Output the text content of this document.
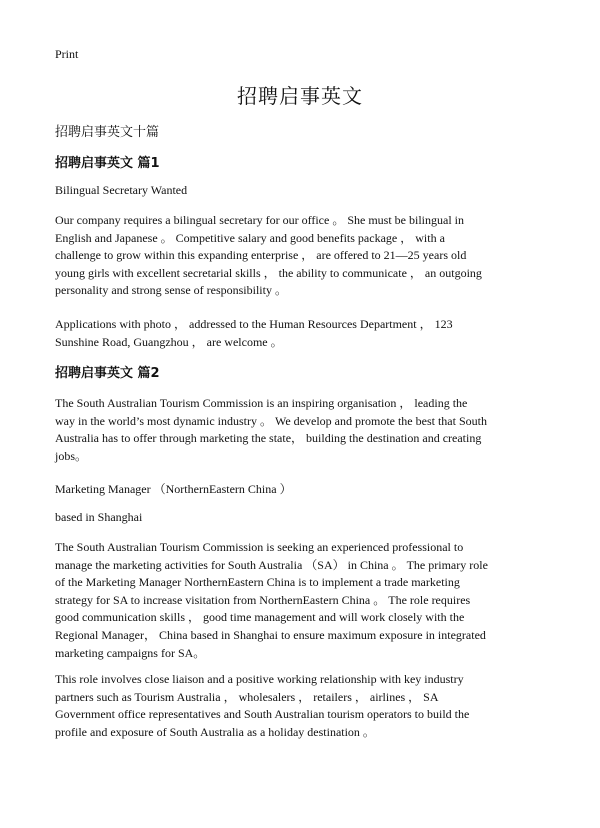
Print
招聘启事英文
招聘启事英文十篇
招聘启事英文 篇1
Bilingual Secretary Wanted
Our company requires a bilingual secretary for our office 。 She must be bilingual in
English and Japanese 。 Competitive salary and good benefits package ， with a
challenge to grow within this expanding enterprise ， are offered to 21—25 years old
young girls with excellent secretarial skills ， the ability to communicate ， an outgoing
personality and strong sense of responsibility 。
Applications with photo ， addressed to the Human Resources Department ， 123
Sunshine Road, Guangzhou ， are welcome 。
招聘启事英文 篇2
The South Australian Tourism Commission is an inspiring organisation ， leading the
way in the world’s most dynamic industry 。 We develop and promote the best that South
Australia has to offer through marketing the state， building the destination and creating
jobs。
Marketing Manager （NorthernEastern China ）
based in Shanghai
The South Australian Tourism Commission is seeking an experienced professional to
manage the marketing activities for South Australia （SA） in China 。 The primary role
of the Marketing Manager NorthernEastern China is to implement a trade marketing
strategy for SA to increase visitation from NorthernEastern China 。 The role requires
good communication skills ， good time management and will work closely with the
Regional Manager， China based in Shanghai to ensure maximum exposure in integrated
marketing campaigns for SA。
This role involves close liaison and a positive working relationship with key industry
partners such as Tourism Australia ， wholesalers ， retailers ， airlines ， SA
Government office representatives and South Australian tourism operators to build the
profile and exposure of South Australia as a holiday destination 。
